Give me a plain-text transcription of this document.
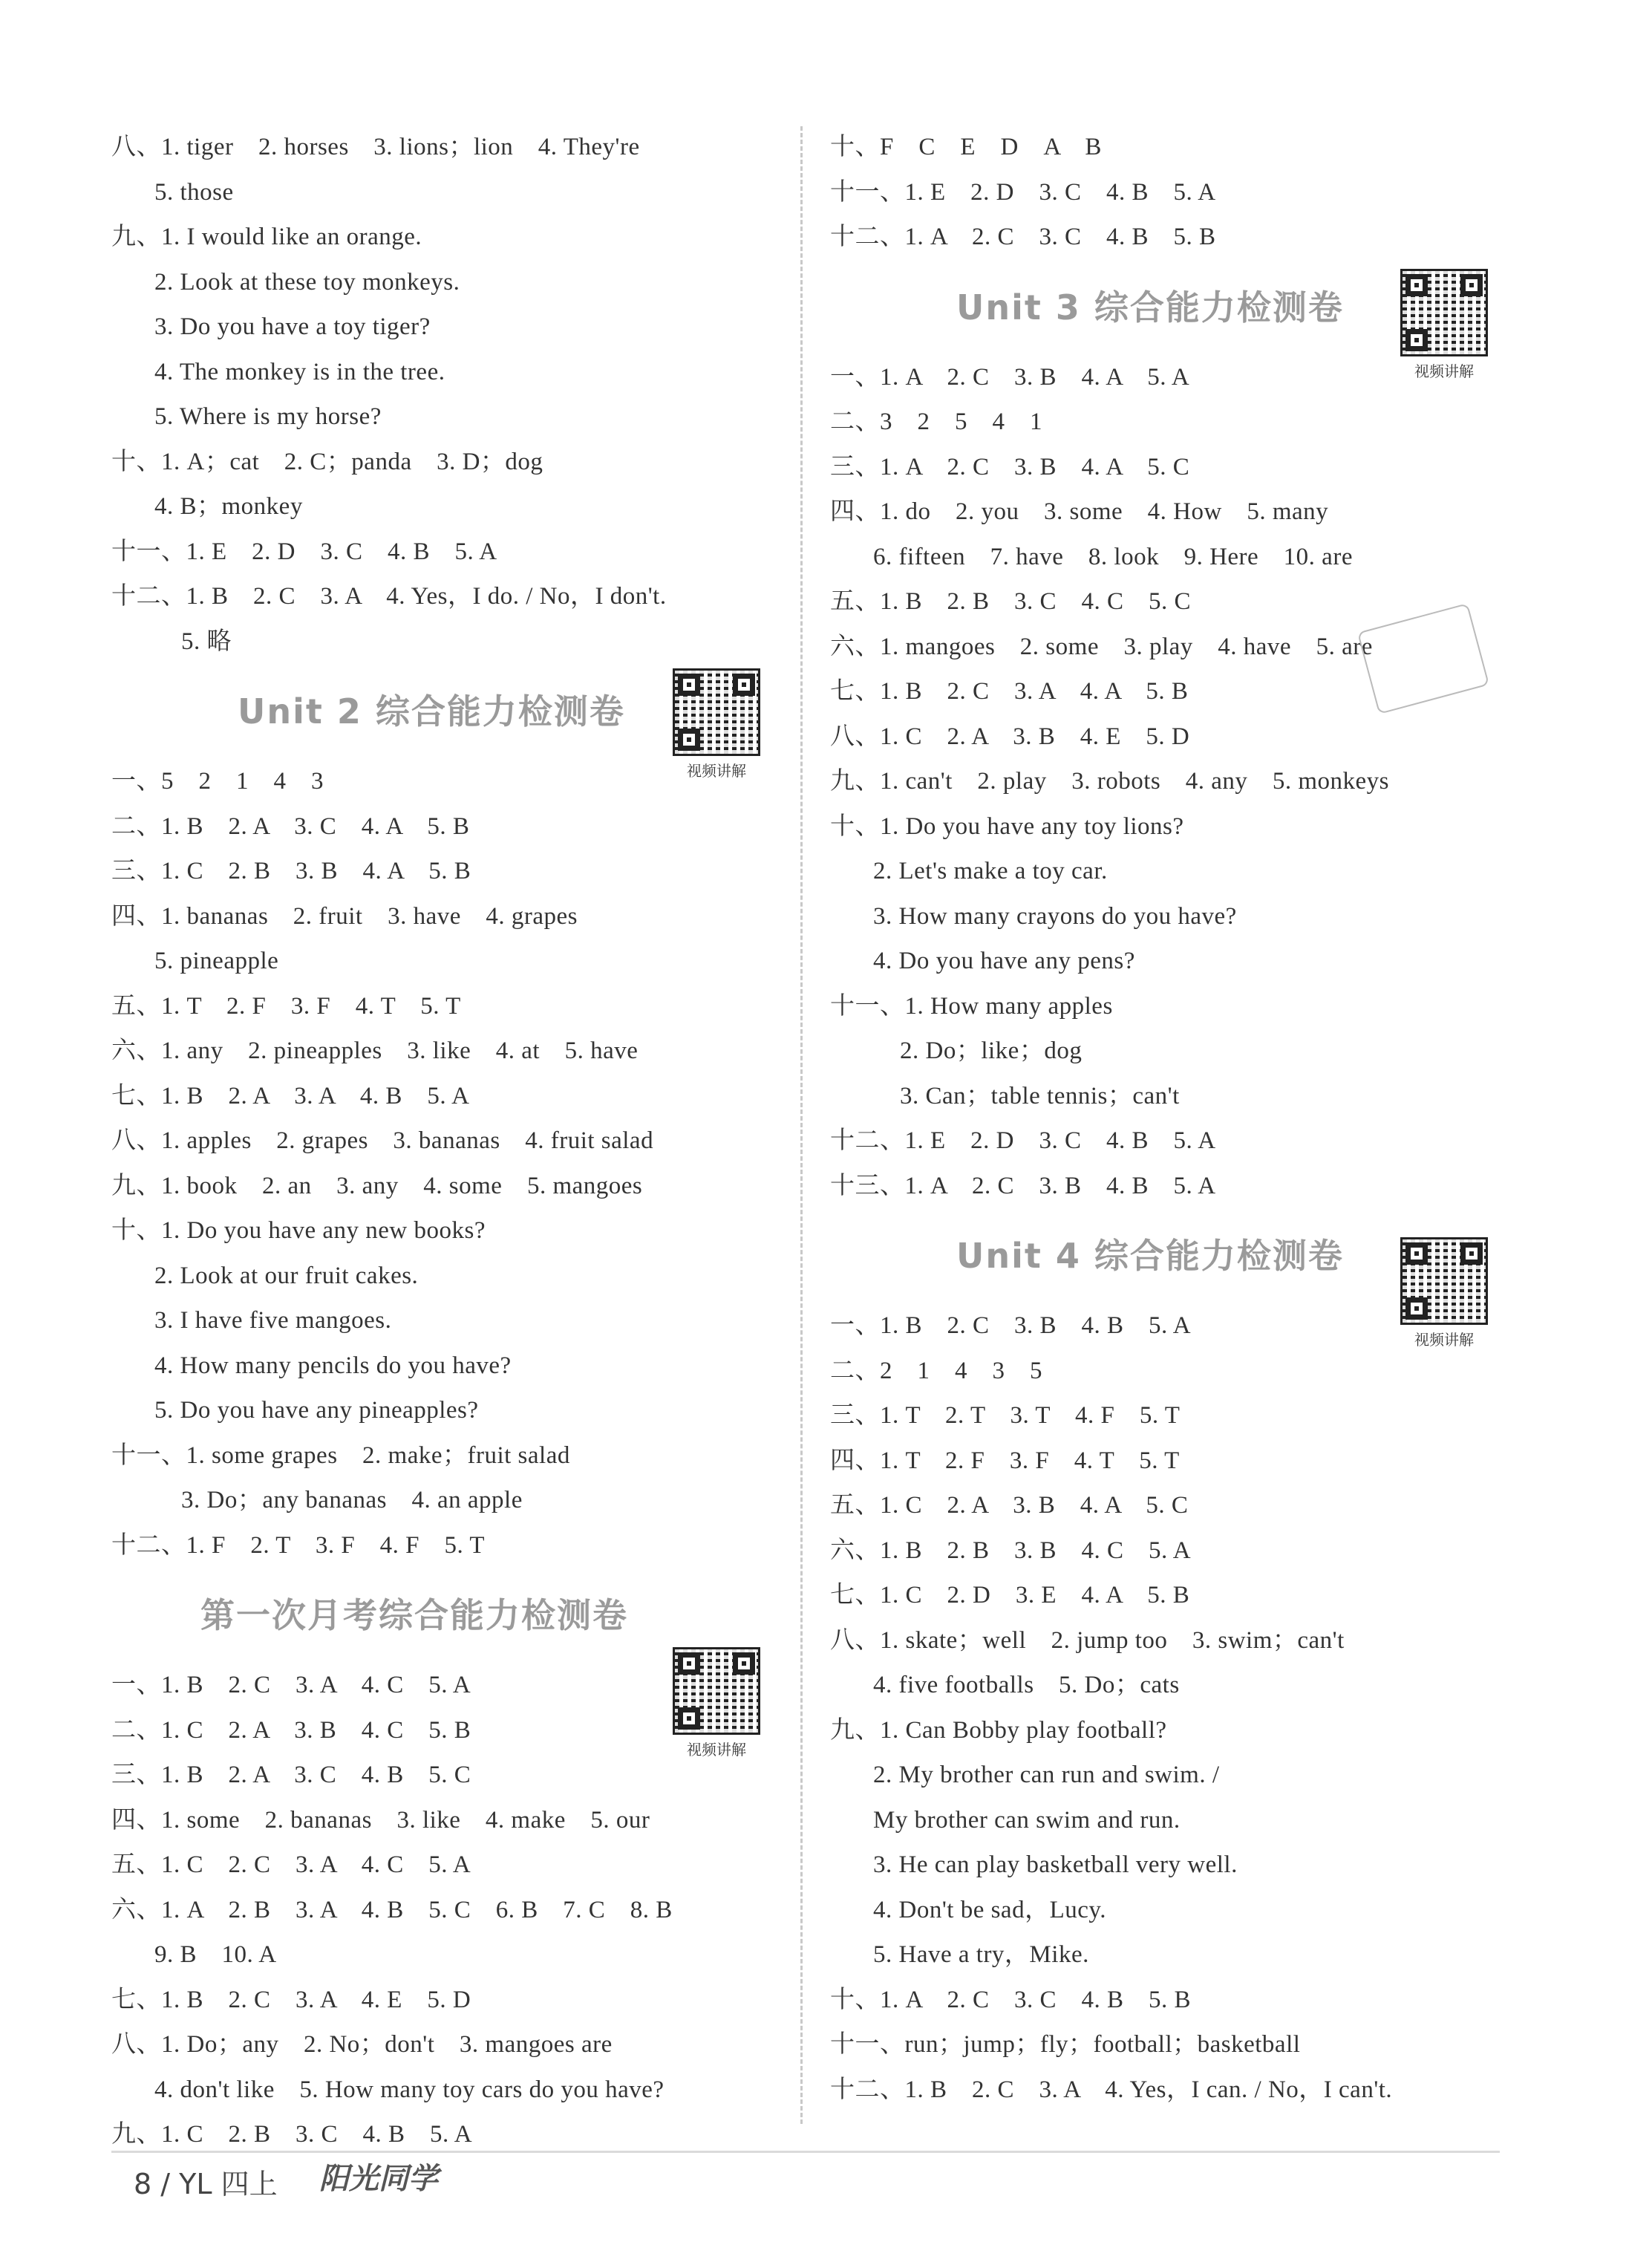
八、1. tiger　2. horses　3. lions；lion　4. They're
5. those
九、1. I would like an orange.
2. Look at these toy monkeys.
3. Do you have a toy tiger?
4. The monkey is in the tree.
5. Where is my horse?
十、1. A；cat　2. C；panda　3. D；dog
4. B；monkey
十一、1. E　2. D　3. C　4. B　5. A
十二、1. B　2. C　3. A　4. Yes，I do. / No，I don't.
5. 略
Unit 2 综合能力检测卷
一、5　2　1　4　3
二、1. B　2. A　3. C　4. A　5. B
三、1. C　2. B　3. B　4. A　5. B
四、1. bananas　2. fruit　3. have　4. grapes
5. pineapple
五、1. T　2. F　3. F　4. T　5. T
六、1. any　2. pineapples　3. like　4. at　5. have
七、1. B　2. A　3. A　4. B　5. A
八、1. apples　2. grapes　3. bananas　4. fruit salad
九、1. book　2. an　3. any　4. some　5. mangoes
十、1. Do you have any new books?
2. Look at our fruit cakes.
3. I have five mangoes.
4. How many pencils do you have?
5. Do you have any pineapples?
十一、1. some grapes　2. make；fruit salad
3. Do；any bananas　4. an apple
十二、1. F　2. T　3. F　4. F　5. T
第一次月考综合能力检测卷
一、1. B　2. C　3. A　4. C　5. A
二、1. C　2. A　3. B　4. C　5. B
三、1. B　2. A　3. C　4. B　5. C
四、1. some　2. bananas　3. like　4. make　5. our
五、1. C　2. C　3. A　4. C　5. A
六、1. A　2. B　3. A　4. B　5. C　6. B　7. C　8. B
9. B　10. A
七、1. B　2. C　3. A　4. E　5. D
八、1. Do；any　2. No；don't　3. mangoes are
4. don't like　5. How many toy cars do you have?
九、1. C　2. B　3. C　4. B　5. A
十、F　C　E　D　A　B
十一、1. E　2. D　3. C　4. B　5. A
十二、1. A　2. C　3. C　4. B　5. B
Unit 3 综合能力检测卷
一、1. A　2. C　3. B　4. A　5. A
二、3　2　5　4　1
三、1. A　2. C　3. B　4. A　5. C
四、1. do　2. you　3. some　4. How　5. many
6. fifteen　7. have　8. look　9. Here　10. are
五、1. B　2. B　3. C　4. C　5. C
六、1. mangoes　2. some　3. play　4. have　5. are
七、1. B　2. C　3. A　4. A　5. B
八、1. C　2. A　3. B　4. E　5. D
九、1. can't　2. play　3. robots　4. any　5. monkeys
十、1. Do you have any toy lions?
2. Let's make a toy car.
3. How many crayons do you have?
4. Do you have any pens?
十一、1. How many apples
2. Do；like；dog
3. Can；table tennis；can't
十二、1. E　2. D　3. C　4. B　5. A
十三、1. A　2. C　3. B　4. B　5. A
Unit 4 综合能力检测卷
一、1. B　2. C　3. B　4. B　5. A
二、2　1　4　3　5
三、1. T　2. T　3. T　4. F　5. T
四、1. T　2. F　3. F　4. T　5. T
五、1. C　2. A　3. B　4. A　5. C
六、1. B　2. B　3. B　4. C　5. A
七、1. C　2. D　3. E　4. A　5. B
八、1. skate；well　2. jump too　3. swim；can't
4. five footballs　5. Do；cats
九、1. Can Bobby play football?
2. My brother can run and swim. /
My brother can swim and run.
3. He can play basketball very well.
4. Don't be sad，Lucy.
5. Have a try，Mike.
十、1. A　2. C　3. C　4. B　5. B
十一、run；jump；fly；football；basketball
十二、1. B　2. C　3. A　4. Yes，I can. / No，I can't.
视频讲解
视频讲解
视频讲解
视频讲解
8 / YL 四上 阳光同学
